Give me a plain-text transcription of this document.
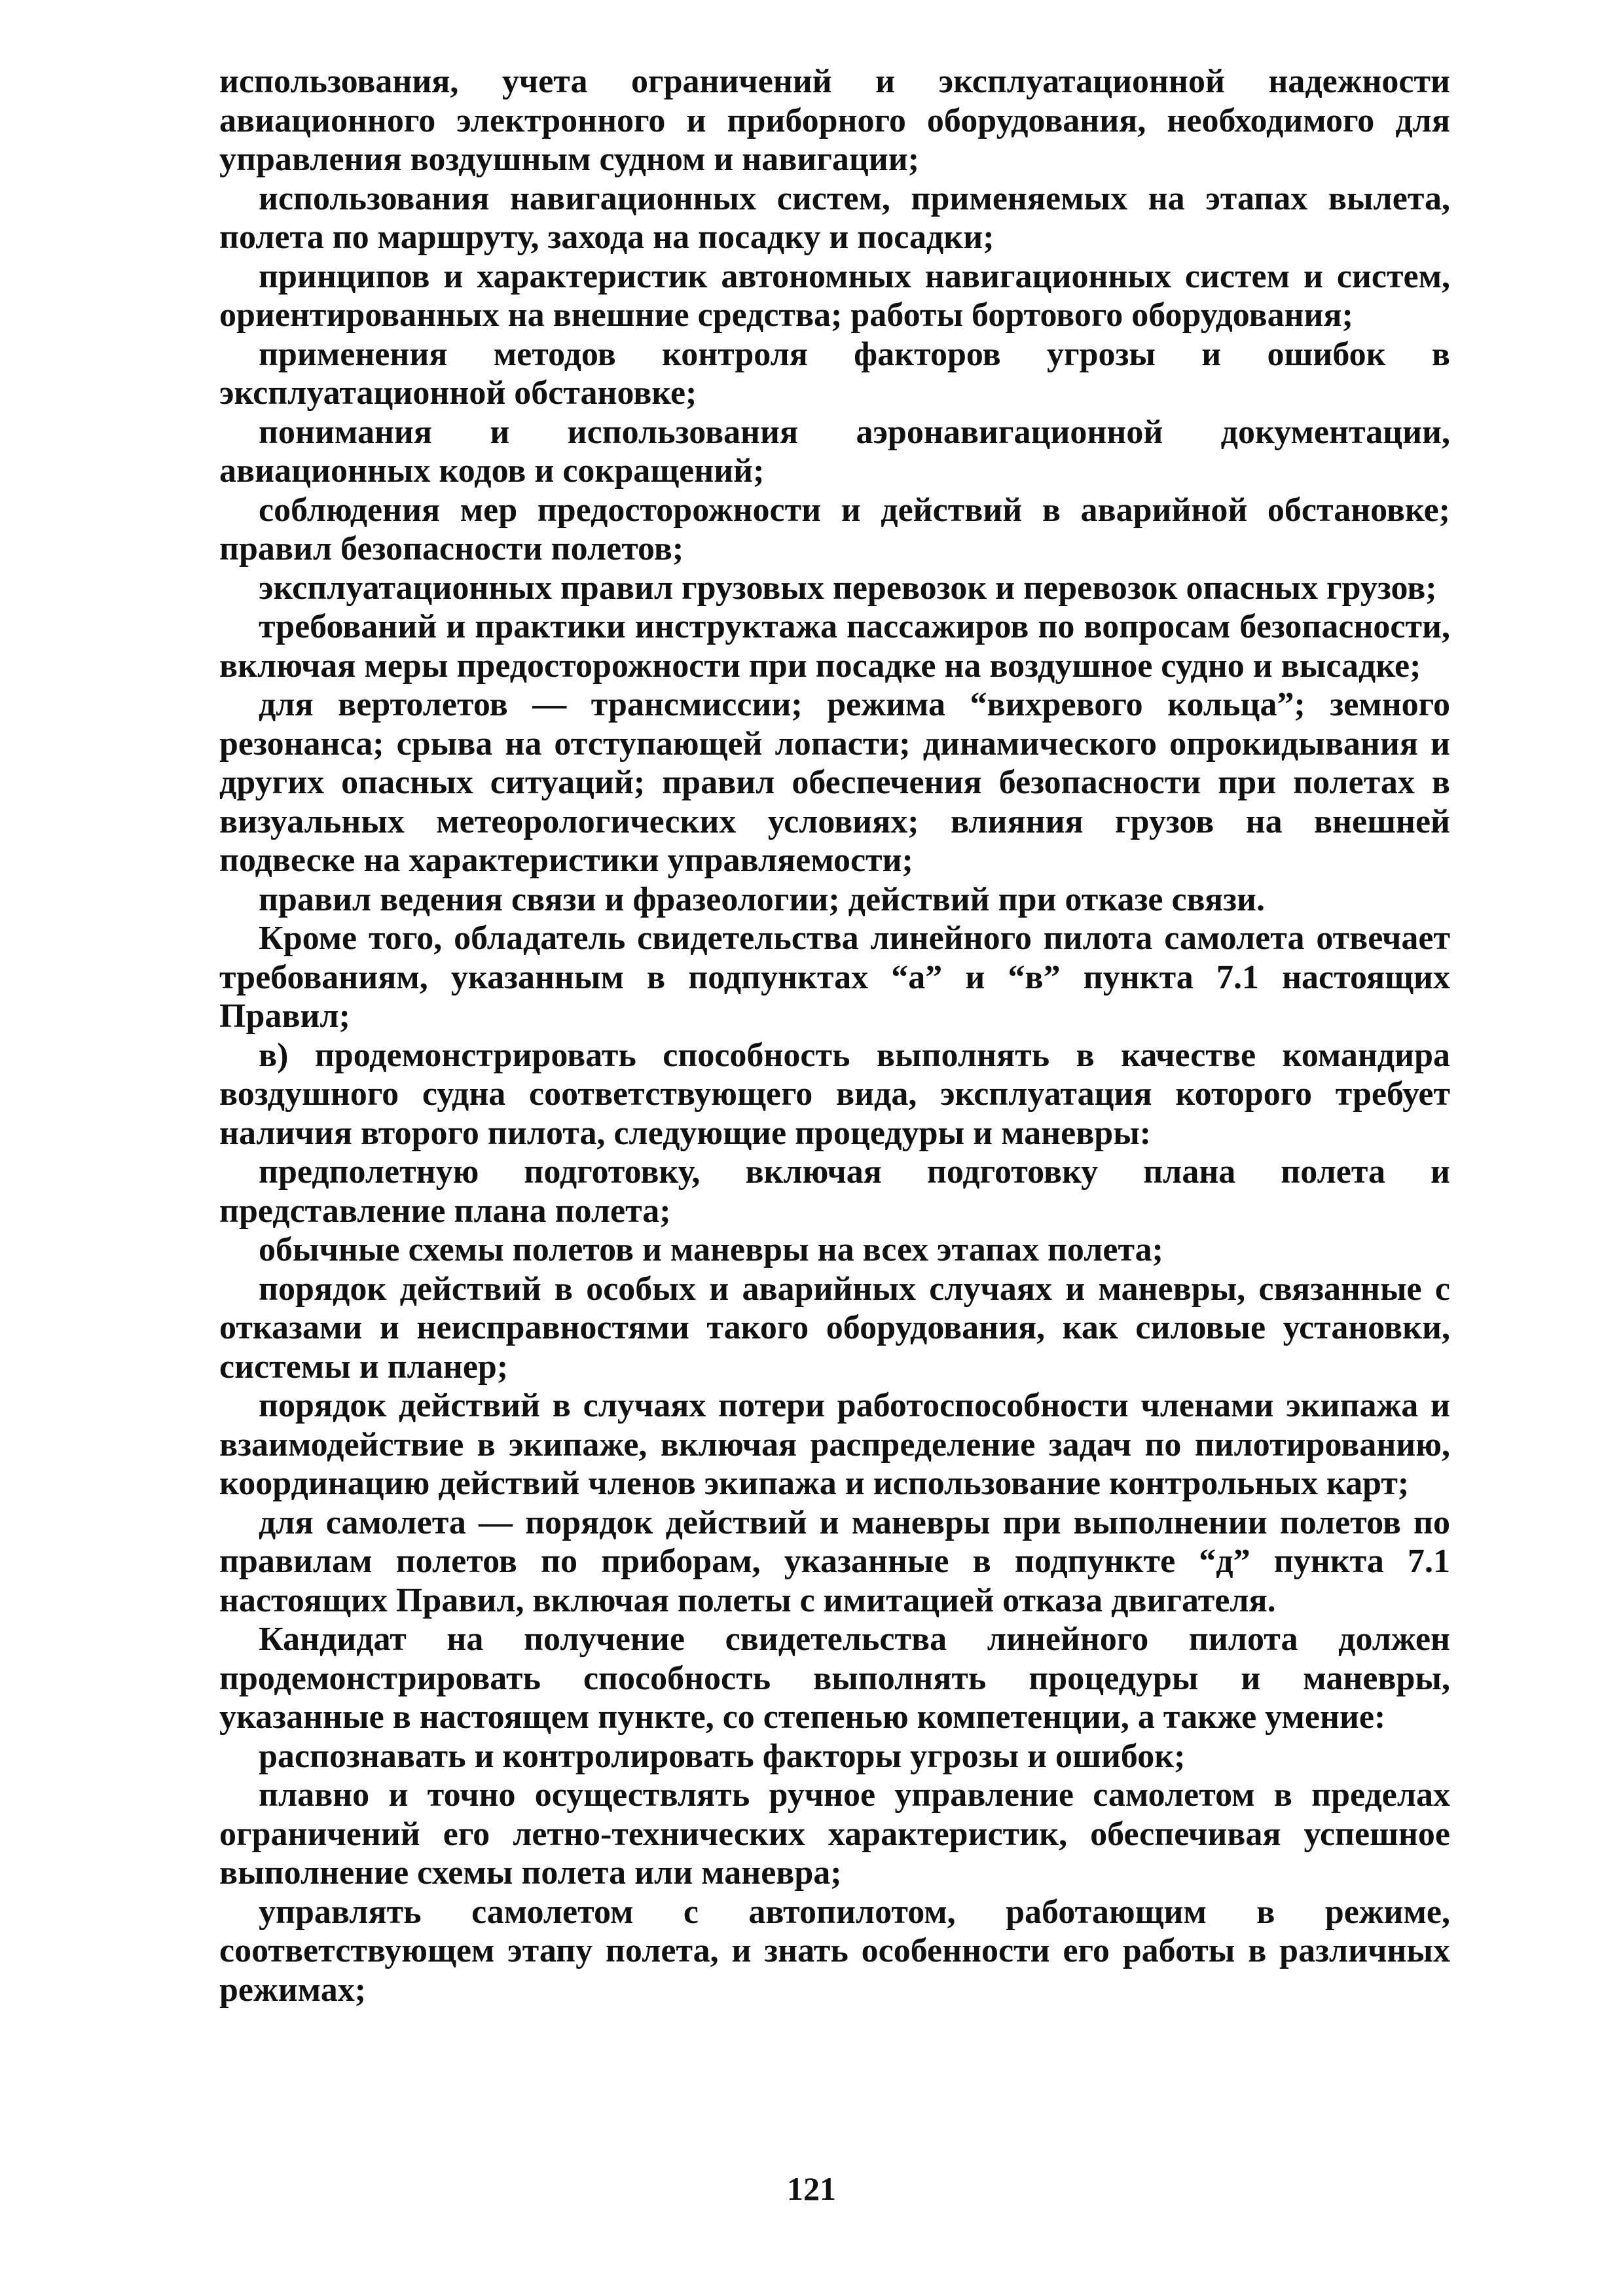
использования, учета ограничений и эксплуатационной надежности авиационного электронного и приборного оборудования, необходимого для управления воздушным судном и навигации;

использования навигационных систем, применяемых на этапах вылета, полета по маршруту, захода на посадку и посадки;

принципов и характеристик автономных навигационных систем и систем, ориентированных на внешние средства; работы бортового оборудования;

применения методов контроля факторов угрозы и ошибок в эксплуатационной обстановке;

понимания и использования аэронавигационной документации, авиационных кодов и сокращений;

соблюдения мер предосторожности и действий в аварийной обстановке; правил безопасности полетов;

эксплуатационных правил грузовых перевозок и перевозок опасных грузов;

требований и практики инструктажа пассажиров по вопросам безопасности, включая меры предосторожности при посадке на воздушное судно и высадке;

для вертолетов — трансмиссии; режима “вихревого кольца”; земного резонанса; срыва на отступающей лопасти; динамического опрокидывания и других опасных ситуаций; правил обеспечения безопасности при полетах в визуальных метеорологических условиях; влияния грузов на внешней подвеске на характеристики управляемости;

правил ведения связи и фразеологии; действий при отказе связи.

Кроме того, обладатель свидетельства линейного пилота самолета отвечает требованиям, указанным в подпунктах “а” и “в” пункта 7.1 настоящих Правил;

в) продемонстрировать способность выполнять в качестве командира воздушного судна соответствующего вида, эксплуатация которого требует наличия второго пилота, следующие процедуры и маневры:

предполетную подготовку, включая подготовку плана полета и представление плана полета;

обычные схемы полетов и маневры на всех этапах полета;

порядок действий в особых и аварийных случаях и маневры, связанные с отказами и неисправностями такого оборудования, как силовые установки, системы и планер;

порядок действий в случаях потери работоспособности членами экипажа и взаимодействие в экипаже, включая распределение задач по пилотированию, координацию действий членов экипажа и использование контрольных карт;

для самолета — порядок действий и маневры при выполнении полетов по правилам полетов по приборам, указанные в подпункте “д” пункта 7.1 настоящих Правил, включая полеты с имитацией отказа двигателя.

Кандидат на получение свидетельства линейного пилота должен продемонстрировать способность выполнять процедуры и маневры, указанные в настоящем пункте, со степенью компетенции, а также умение:

распознавать и контролировать факторы угрозы и ошибок;

плавно и точно осуществлять ручное управление самолетом в пределах ограничений его летно-технических характеристик, обеспечивая успешное выполнение схемы полета или маневра;

управлять самолетом с автопилотом, работающим в режиме, соответствующем этапу полета, и знать особенности его работы в различных режимах;

121
